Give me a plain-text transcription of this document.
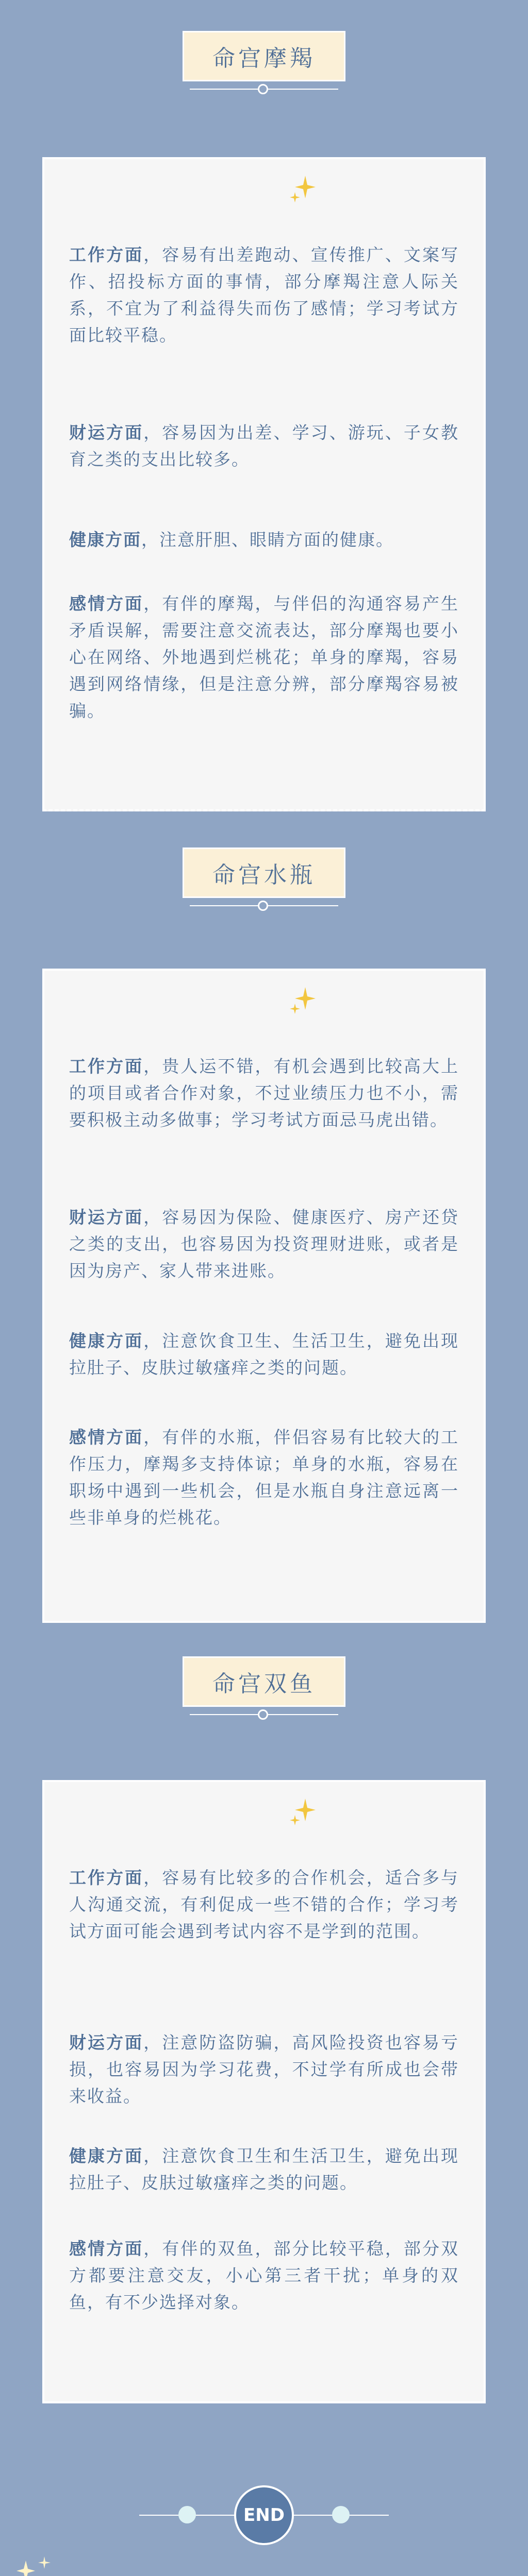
命宫摩羯

工作方面，容易有出差跑动、宣传推广、文案写作、招投标方面的事情，部分摩羯注意人际关系，不宜为了利益得失而伤了感情；学习考试方面比较平稳。

财运方面，容易因为出差、学习、游玩、子女教育之类的支出比较多。

健康方面，注意肝胆、眼睛方面的健康。

感情方面，有伴的摩羯，与伴侣的沟通容易产生矛盾误解，需要注意交流表达，部分摩羯也要小心在网络、外地遇到烂桃花；单身的摩羯，容易遇到网络情缘，但是注意分辨，部分摩羯容易被骗。

命宫水瓶

工作方面，贵人运不错，有机会遇到比较高大上的项目或者合作对象，不过业绩压力也不小，需要积极主动多做事；学习考试方面忌马虎出错。

财运方面，容易因为保险、健康医疗、房产还贷之类的支出，也容易因为投资理财进账，或者是因为房产、家人带来进账。

健康方面，注意饮食卫生、生活卫生，避免出现拉肚子、皮肤过敏瘙痒之类的问题。

感情方面，有伴的水瓶，伴侣容易有比较大的工作压力，摩羯多支持体谅；单身的水瓶，容易在职场中遇到一些机会，但是水瓶自身注意远离一些非单身的烂桃花。

命宫双鱼

工作方面，容易有比较多的合作机会，适合多与人沟通交流，有利促成一些不错的合作；学习考试方面可能会遇到考试内容不是学到的范围。

财运方面，注意防盗防骗，高风险投资也容易亏损，也容易因为学习花费，不过学有所成也会带来收益。

健康方面，注意饮食卫生和生活卫生，避免出现拉肚子、皮肤过敏瘙痒之类的问题。

感情方面，有伴的双鱼，部分比较平稳，部分双方都要注意交友，小心第三者干扰；单身的双鱼，有不少选择对象。

END
